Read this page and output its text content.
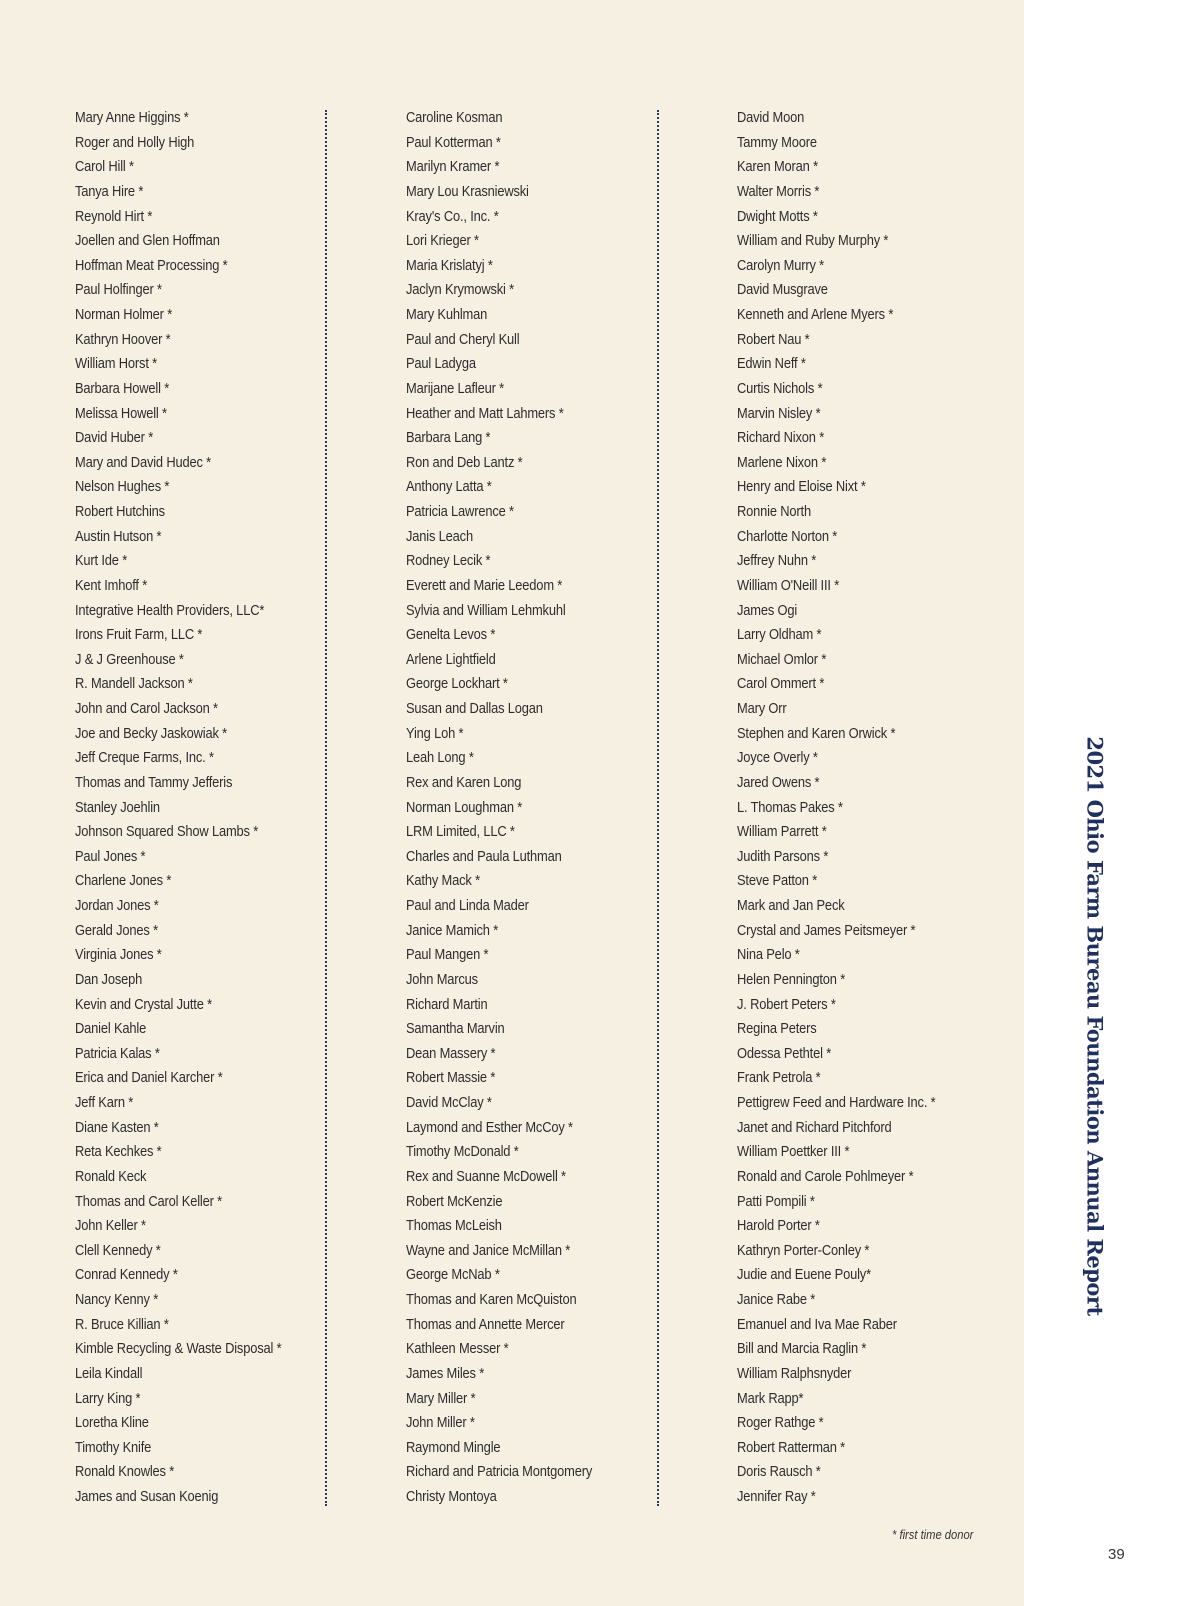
Mary Anne Higgins *
Roger and Holly High
Carol Hill *
Tanya Hire *
Reynold Hirt *
Joellen and Glen Hoffman
Hoffman Meat Processing *
Paul Holfinger *
Norman Holmer *
Kathryn Hoover *
William Horst *
Barbara Howell *
Melissa Howell *
David Huber *
Mary and David Hudec *
Nelson Hughes *
Robert Hutchins
Austin Hutson *
Kurt Ide *
Kent Imhoff *
Integrative Health Providers, LLC*
Irons Fruit Farm, LLC *
J & J Greenhouse *
R. Mandell Jackson *
John and Carol Jackson *
Joe and Becky Jaskowiak *
Jeff Creque Farms, Inc. *
Thomas and Tammy Jefferis
Stanley Joehlin
Johnson Squared Show Lambs *
Paul Jones *
Charlene Jones *
Jordan Jones *
Gerald Jones *
Virginia Jones *
Dan Joseph
Kevin and Crystal Jutte *
Daniel Kahle
Patricia Kalas *
Erica and Daniel Karcher *
Jeff Karn *
Diane Kasten *
Reta Kechkes *
Ronald Keck
Thomas and Carol Keller *
John Keller *
Clell Kennedy *
Conrad Kennedy *
Nancy Kenny *
R. Bruce Killian *
Kimble Recycling & Waste Disposal *
Leila Kindall
Larry King *
Loretha Kline
Timothy Knife
Ronald Knowles *
James and Susan Koenig
Caroline Kosman
Paul Kotterman *
Marilyn Kramer *
Mary Lou Krasniewski
Kray's Co., Inc. *
Lori Krieger *
Maria Krislatyj *
Jaclyn Krymowski *
Mary Kuhlman
Paul and Cheryl Kull
Paul Ladyga
Marijane Lafleur *
Heather and Matt Lahmers *
Barbara Lang *
Ron and Deb Lantz *
Anthony Latta *
Patricia Lawrence *
Janis Leach
Rodney Lecik *
Everett and Marie Leedom *
Sylvia and William Lehmkuhl
Genelta Levos *
Arlene Lightfield
George Lockhart *
Susan and Dallas Logan
Ying Loh *
Leah Long *
Rex and Karen Long
Norman Loughman *
LRM Limited, LLC *
Charles and Paula Luthman
Kathy Mack *
Paul and Linda Mader
Janice Mamich *
Paul Mangen *
John Marcus
Richard Martin
Samantha Marvin
Dean Massery *
Robert Massie *
David McClay *
Laymond and Esther McCoy *
Timothy McDonald *
Rex and Suanne McDowell *
Robert McKenzie
Thomas McLeish
Wayne and Janice McMillan *
George McNab *
Thomas and Karen McQuiston
Thomas and Annette Mercer
Kathleen Messer *
James Miles *
Mary Miller *
John Miller *
Raymond Mingle
Richard and Patricia Montgomery
Christy Montoya
David Moon
Tammy Moore
Karen Moran *
Walter Morris *
Dwight Motts *
William and Ruby Murphy *
Carolyn Murry *
David Musgrave
Kenneth and Arlene Myers *
Robert Nau *
Edwin Neff *
Curtis Nichols *
Marvin Nisley *
Richard Nixon *
Marlene Nixon *
Henry and Eloise Nixt *
Ronnie North
Charlotte Norton *
Jeffrey Nuhn *
William O'Neill III *
James Ogi
Larry Oldham *
Michael Omlor *
Carol Ommert *
Mary Orr
Stephen and Karen Orwick *
Joyce Overly *
Jared Owens *
L. Thomas Pakes *
William Parrett *
Judith Parsons *
Steve Patton *
Mark and Jan Peck
Crystal and James Peitsmeyer *
Nina Pelo *
Helen Pennington *
J. Robert Peters *
Regina Peters
Odessa Pethtel *
Frank Petrola *
Pettigrew Feed and Hardware Inc. *
Janet and Richard Pitchford
William Poettker III *
Ronald and Carole Pohlmeyer *
Patti Pompili *
Harold Porter *
Kathryn Porter-Conley *
Judie and Euene Pouly*
Janice Rabe *
Emanuel and Iva Mae Raber
Bill and Marcia Raglin *
William Ralphsnyder
Mark Rapp*
Roger Rathge *
Robert Ratterman *
Doris Rausch *
Jennifer Ray *
* first time donor
2021 Ohio Farm Bureau Foundation Annual Report
39
